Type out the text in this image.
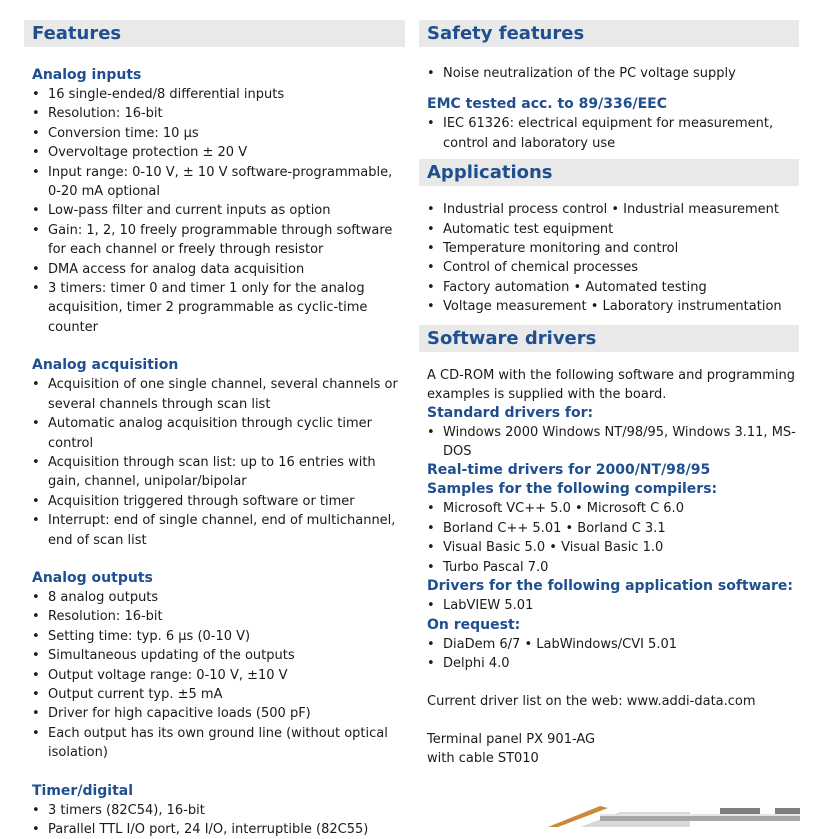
Features
Analog inputs
• 16 single-ended/8 differential inputs
• Resolution: 16-bit
• Conversion time: 10 µs
• Overvoltage protection ± 20 V
• Input range: 0-10 V, ± 10 V software-programmable, 0-20 mA optional
• Low-pass filter and current inputs as option
• Gain: 1, 2, 10 freely programmable through software for each channel or freely through resistor
• DMA access for analog data acquisition
• 3 timers: timer 0 and timer 1 only for the analog acquisition, timer 2 programmable as cyclic-time counter
Analog acquisition
• Acquisition of one single channel, several channels or several channels through scan list
• Automatic analog acquisition through cyclic timer control
• Acquisition through scan list: up to 16 entries with gain, channel, unipolar/bipolar
• Acquisition triggered through software or timer
• Interrupt: end of single channel, end of multichannel, end of scan list
Analog outputs
• 8 analog outputs
• Resolution: 16-bit
• Setting time: typ. 6 µs (0-10 V)
• Simultaneous updating of the outputs
• Output voltage range: 0-10 V, ±10 V
• Output current typ. ±5 mA
• Driver for high capacitive loads (500 pF)
• Each output has its own ground line (without optical isolation)
Timer/digital
• 3 timers (82C54), 16-bit
• Parallel TTL I/O port, 24 I/O, interruptible (82C55)
Safety features
• Noise neutralization of the PC voltage supply
EMC tested acc. to 89/336/EEC
• IEC 61326: electrical equipment for measurement, control and laboratory use
Applications
• Industrial process control • Industrial measurement
• Automatic test equipment
• Temperature monitoring and control
• Control of chemical processes
• Factory automation • Automated testing
• Voltage measurement • Laboratory instrumentation
Software drivers

A CD-ROM with the following software and programming examples is supplied with the board.

Standard drivers for:
• Windows 2000 Windows NT/98/95, Windows 3.11, MS-DOS
Real-time drivers for 2000/NT/98/95
Samples for the following compilers:
• Microsoft VC++ 5.0 • Microsoft C 6.0
• Borland C++ 5.01 • Borland C 3.1
• Visual Basic 5.0 • Visual Basic 1.0
• Turbo Pascal 7.0
Drivers for the following application software:
• LabVIEW 5.01
On request:
• DiaDem 6/7 • LabWindows/CVI 5.01
• Delphi 4.0

Current driver list on the web: www.addi-data.com

Terminal panel PX 901-AG

with cable ST010
